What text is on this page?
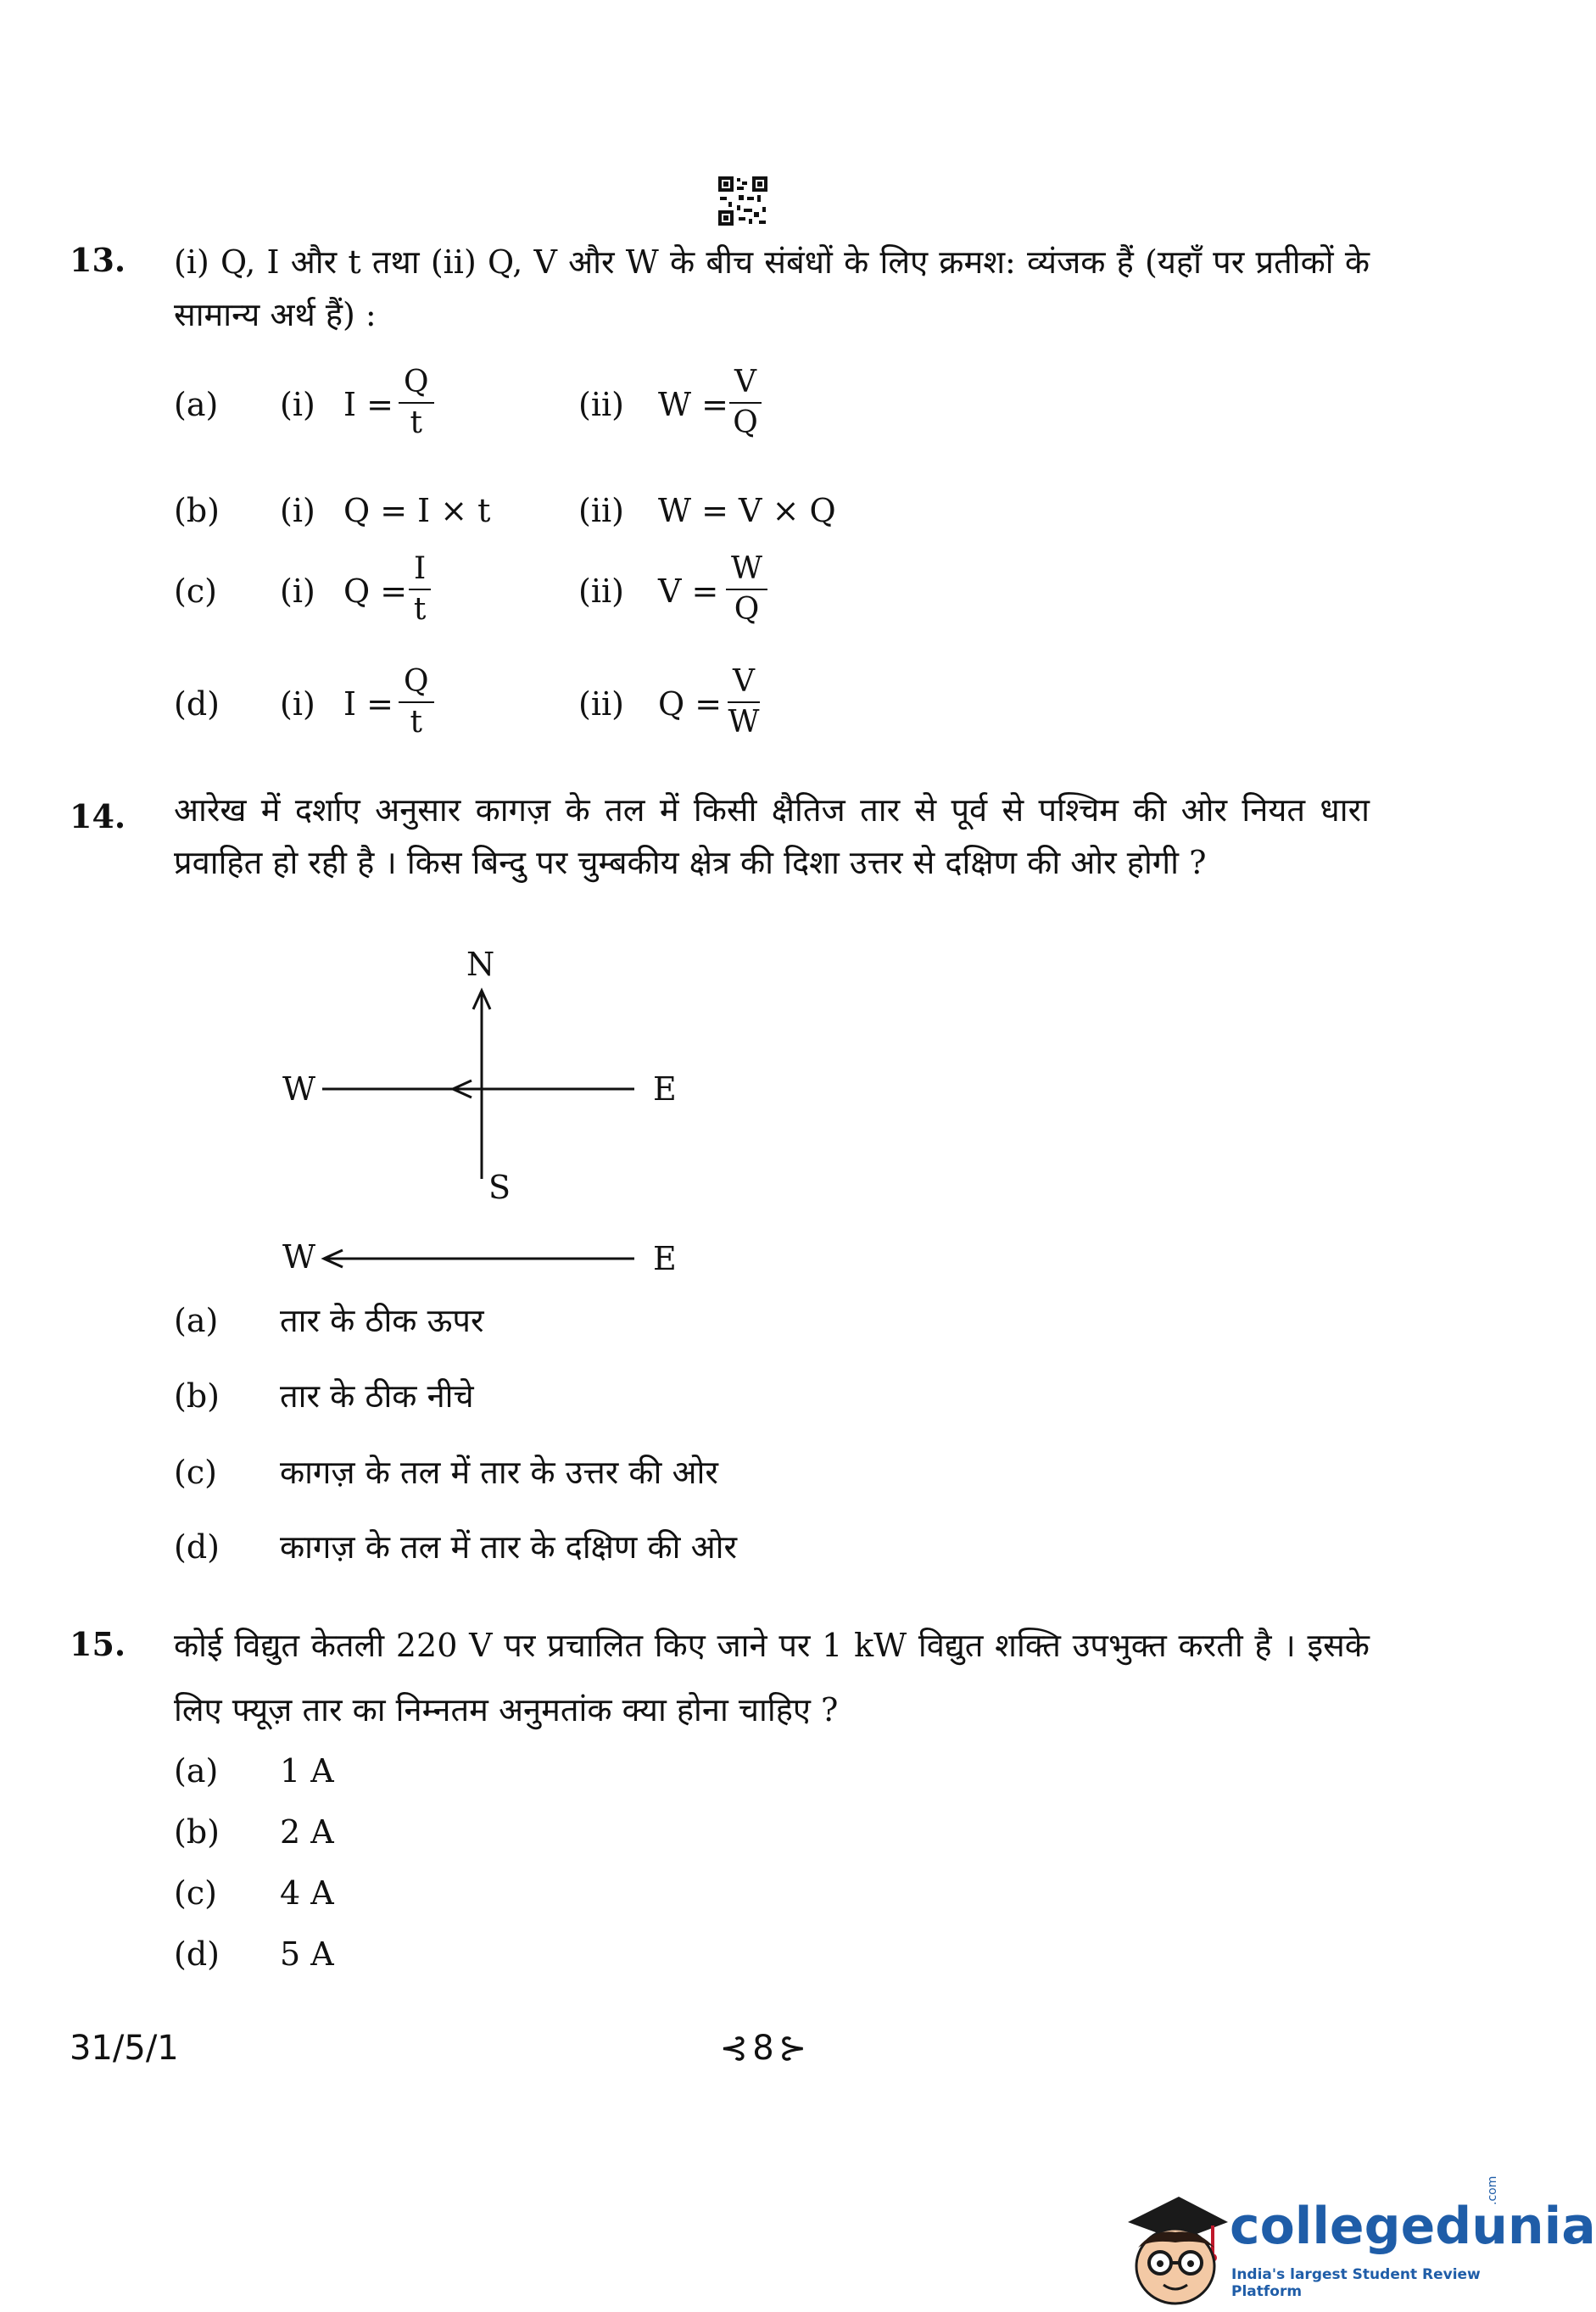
13. (i) Q, I और t तथा (ii) Q, V और W के बीच संबंधों के लिए क्रमश: व्यंजक हैं (यहाँ पर प्रतीकों के सामान्य अर्थ हैं) :
(a) (i) $I = \frac{Q}{t}$	(ii) $W = \frac{V}{Q}$
(b) (i) Q = I × t	(ii) W = V × Q
(c) (i) $Q = \frac{I}{t}$	(ii) $V = \frac{W}{Q}$
(d) (i) $I = \frac{Q}{t}$	(ii) $Q = \frac{V}{W}$
14. आरेख में दर्शाए अनुसार कागज़ के तल में किसी क्षैतिज तार से पूर्व से पश्चिम की ओर नियत धारा प्रवाहित हो रही है । किस बिन्दु पर चुम्बकीय क्षेत्र की दिशा उत्तर से दक्षिण की ओर होगी ?
N
W	E
S
W	E
(a) तार के ठीक ऊपर
(b) तार के ठीक नीचे
(c) कागज़ के तल में तार के उत्तर की ओर
(d) कागज़ के तल में तार के दक्षिण की ओर
15. कोई विद्युत केतली 220 V पर प्रचालित किए जाने पर 1 kW विद्युत शक्ति उपभुक्त करती है । इसके लिए फ्यूज़ तार का निम्नतम अनुमतांक क्या होना चाहिए ?
(a) 1 A
(b) 2 A
(c) 4 A
(d) 5 A
31/5/1	⊰ 8 ⊱
collegedunia
.com
India's largest Student Review Platform
